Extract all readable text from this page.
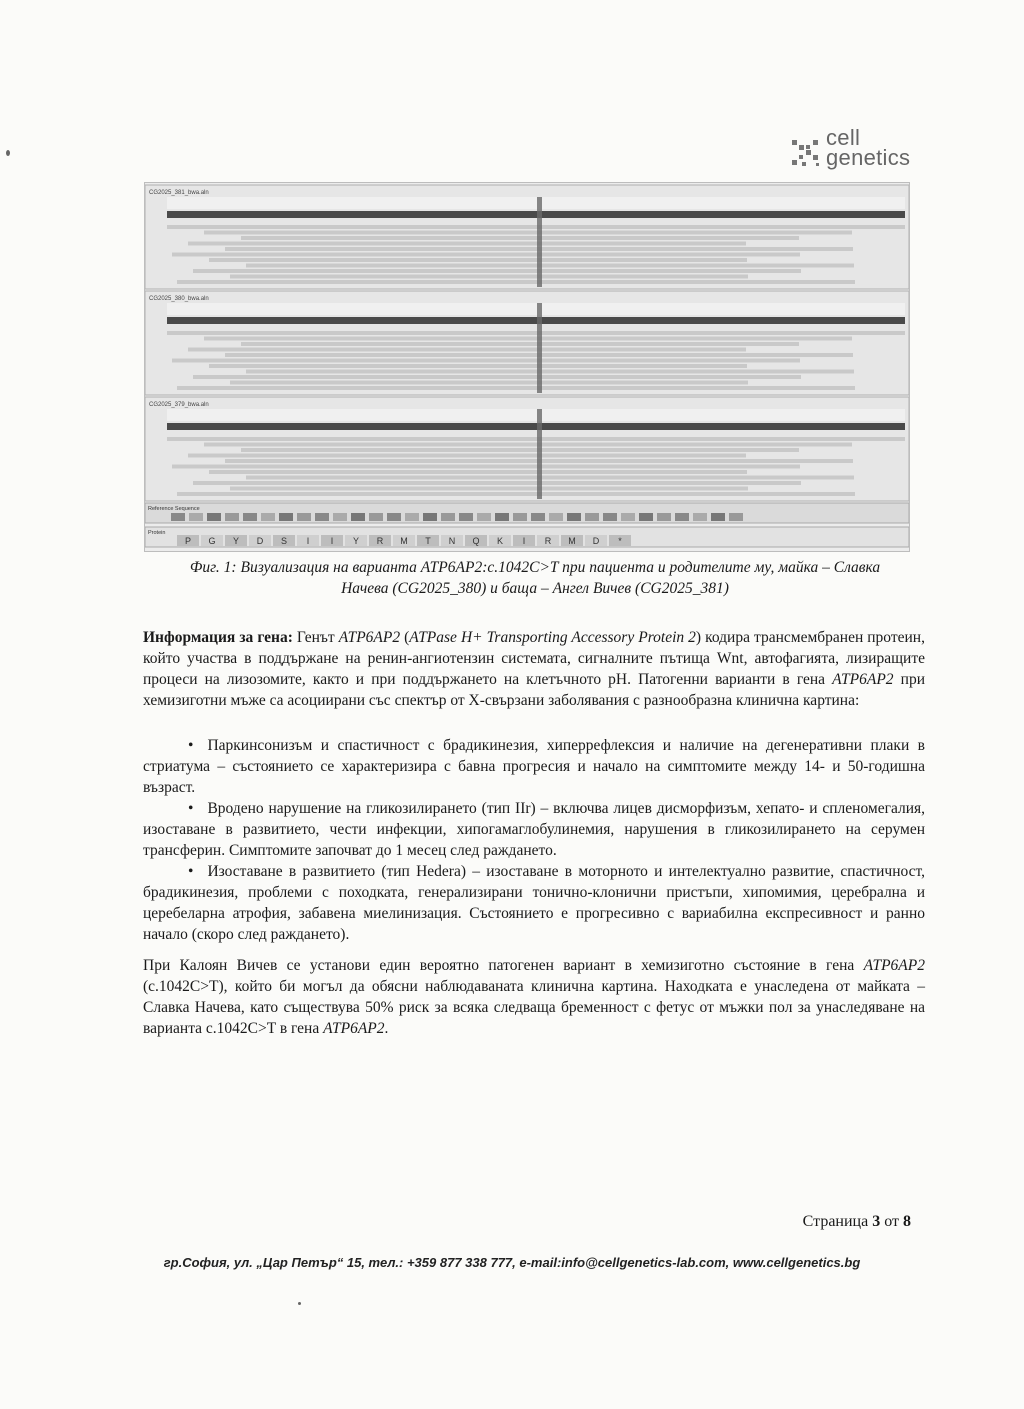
cell
genetics
CG2025_381_bwa.aln
CG2025_380_bwa.aln
CG2025_379_bwa.aln
Reference Sequence
Protein
P G Y D S I I Y R M T N Q K I R M D *
Фиг. 1: Визуализация на варианта ATP6AP2:c.1042C>T при пациента и родителите му, майка – Славка
Начева (CG2025_380) и баща – Ангел Вичев (CG2025_381)

Информация за гена: Генът ATP6AP2 (ATPase H+ Transporting Accessory Protein 2) кодира трансмембранен протеин, който участва в поддържане на ренин-ангиотензин системата, сигналните пътища Wnt, автофагията, лизиращите процеси на лизозомите, както и при поддържането на клетъчното pH. Патогенни варианти в гена ATP6AP2 при хемизиготни мъже са асоциирани със спектър от X-свързани заболявания с разнообразна клинична картина:

• Паркинсонизъм и спастичност с брадикинезия, хиперрефлексия и наличие на дегенеративни плаки в стриатума – състоянието се характеризира с бавна прогресия и начало на симптомите между 14- и 50-годишна възраст.

• Вродено нарушение на гликозилирането (тип IIr) – включва лицев дисморфизъм, хепато- и спленомегалия, изоставане в развитието, чести инфекции, хипогамаглобулинемия, нарушения в гликозилирането на серумен трансферин. Симптомите започват до 1 месец след раждането.

• Изоставане в развитието (тип Hedera) – изоставане в моторното и интелектуално развитие, спастичност, брадикинезия, проблеми с походката, генерализирани тонично-клонични пристъпи, хипомимия, церебрална и церебеларна атрофия, забавена миелинизация. Състоянието е прогресивно с вариабилна експресивност и ранно начало (скоро след раждането).

При Калоян Вичев се установи един вероятно патогенен вариант в хемизиготно състояние в гена ATP6AP2 (c.1042C>T), който би могъл да обясни наблюдаваната клинична картина. Находката е унаследена от майката – Славка Начева, като съществува 50% риск за всяка следваща бременност с фетус от мъжки пол за унаследяване на варианта c.1042C>T в гена ATP6AP2.

Страница 3 от 8
гр.София, ул. „Цар Петър“ 15, тел.: +359 877 338 777, e-mail:info@cellgenetics-lab.com, www.cellgenetics.bg
